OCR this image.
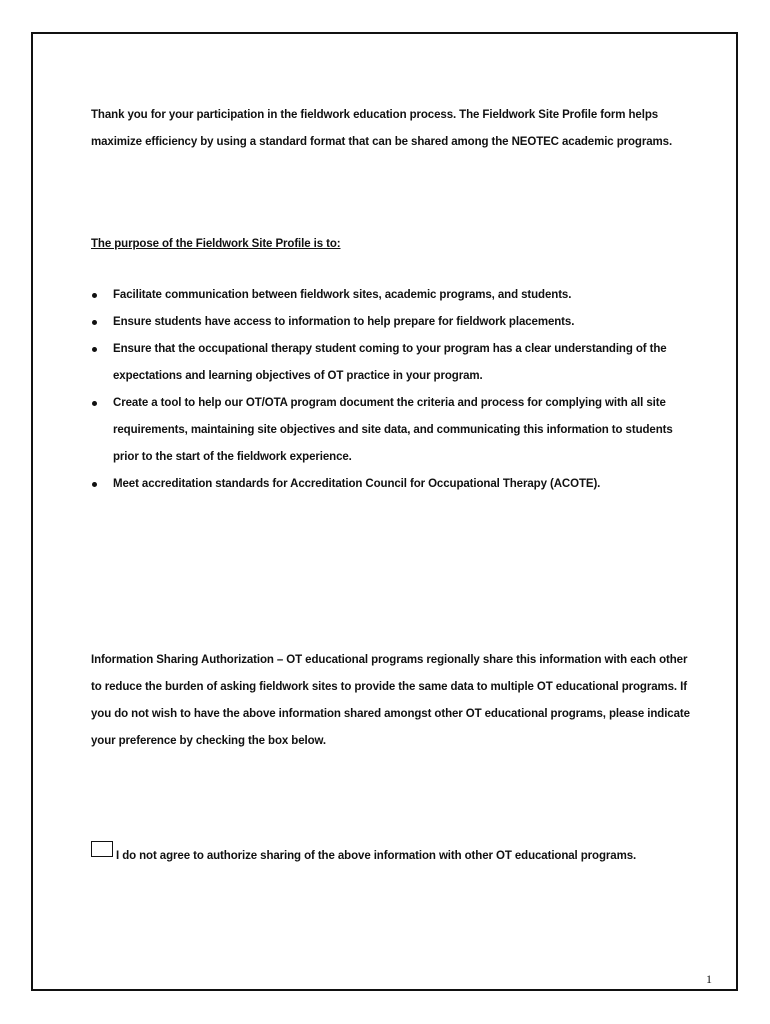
Thank you for your participation in the fieldwork education process. The Fieldwork Site Profile form helps maximize efficiency by using a standard format that can be shared among the NEOTEC academic programs.
The purpose of the Fieldwork Site Profile is to:
Facilitate communication between fieldwork sites, academic programs, and students.
Ensure students have access to information to help prepare for fieldwork placements.
Ensure that the occupational therapy student coming to your program has a clear understanding of the expectations and learning objectives of OT practice in your program.
Create a tool to help our OT/OTA program document the criteria and process for complying with all site requirements, maintaining site objectives and site data, and communicating this information to students prior to the start of the fieldwork experience.
Meet accreditation standards for Accreditation Council for Occupational Therapy (ACOTE).
Information Sharing Authorization – OT educational programs regionally share this information with each other to reduce the burden of asking fieldwork sites to provide the same data to multiple OT educational programs. If you do not wish to have the above information shared amongst other OT educational programs, please indicate your preference by checking the box below.
I do not agree to authorize sharing of the above information with other OT educational programs.
1
